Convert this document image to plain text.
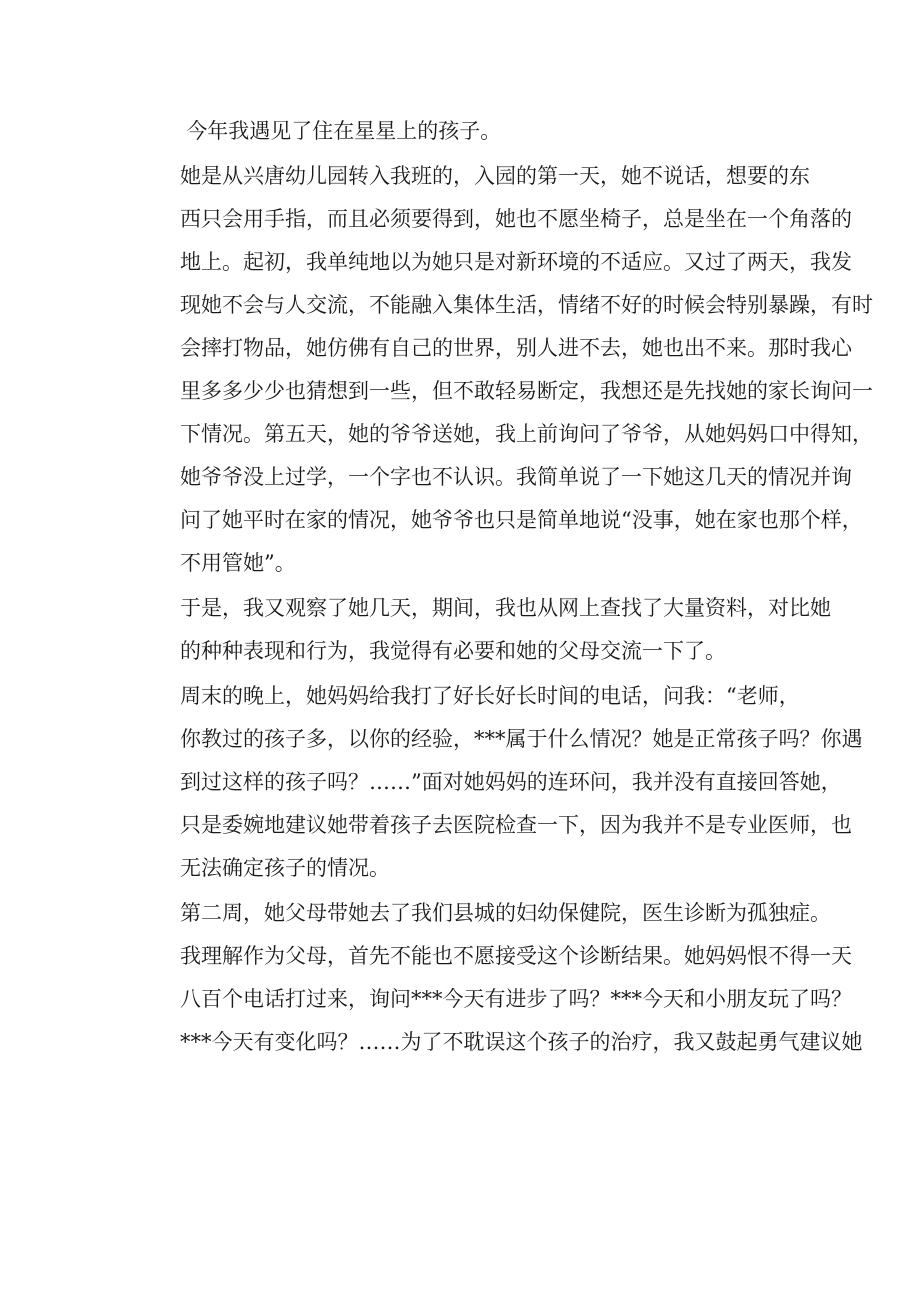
今年我遇见了住在星星上的孩子。

她是从兴唐幼儿园转入我班的，入园的第一天，她不说话，想要的东
西只会用手指，而且必须要得到，她也不愿坐椅子，总是坐在一个角落的
地上。起初，我单纯地以为她只是对新环境的不适应。又过了两天，我发
现她不会与人交流，不能融入集体生活，情绪不好的时候会特别暴躁，有时
会摔打物品，她仿佛有自己的世界，别人进不去，她也出不来。那时我心
里多多少少也猜想到一些，但不敢轻易断定，我想还是先找她的家长询问一
下情况。第五天，她的爷爷送她，我上前询问了爷爷，从她妈妈口中得知，
她爷爷没上过学，一个字也不认识。我简单说了一下她这几天的情况并询
问了她平时在家的情况，她爷爷也只是简单地说“没事，她在家也那个样，
不用管她”。

于是，我又观察了她几天，期间，我也从网上查找了大量资料，对比她
的种种表现和行为，我觉得有必要和她的父母交流一下了。

周末的晚上，她妈妈给我打了好长好长时间的电话，问我：“老师，
你教过的孩子多，以你的经验，***属于什么情况？她是正常孩子吗？你遇
到过这样的孩子吗？……”面对她妈妈的连环问，我并没有直接回答她，
只是委婉地建议她带着孩子去医院检查一下，因为我并不是专业医师，也
无法确定孩子的情况。

第二周，她父母带她去了我们县城的妇幼保健院，医生诊断为孤独症。
我理解作为父母，首先不能也不愿接受这个诊断结果。她妈妈恨不得一天
八百个电话打过来，询问***今天有进步了吗？***今天和小朋友玩了吗？
***今天有变化吗？……为了不耽误这个孩子的治疗，我又鼓起勇气建议她
